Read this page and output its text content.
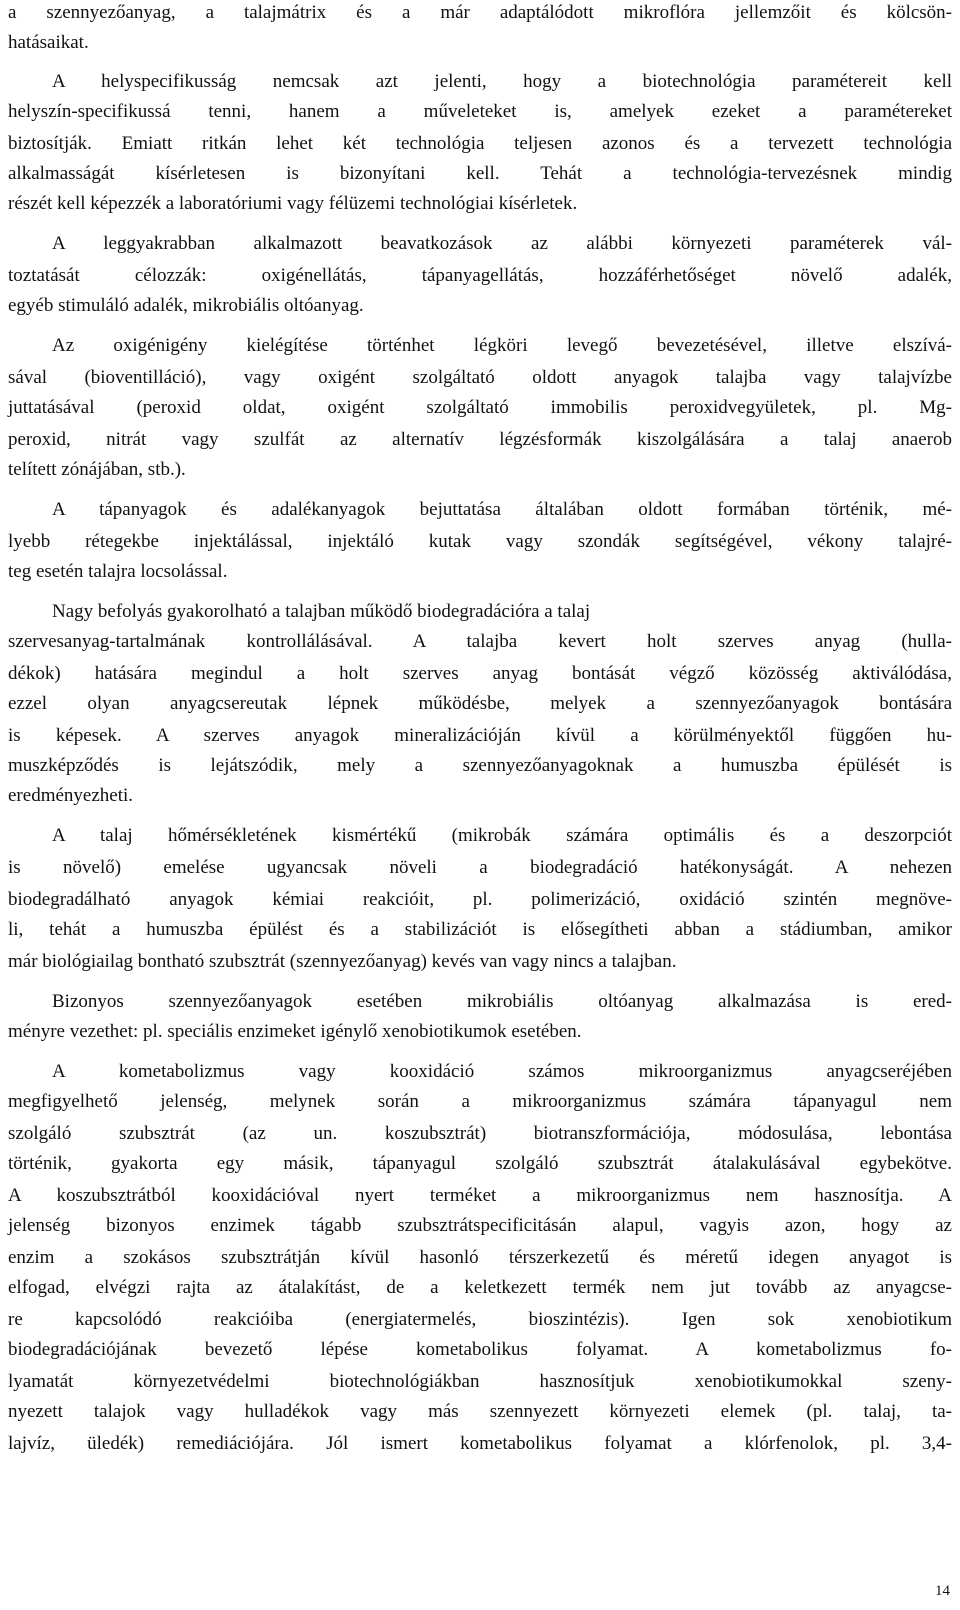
a szennyezőanyag, a talajmátrix és a már adaptálódott mikroflóra jellemzőit és kölcsön-
hatásaikat.
A helyspecifikusság nemcsak azt jelenti, hogy a biotechnológia paramétereit kell
helyszín-specifikussá tenni, hanem a műveleteket is, amelyek ezeket a paramétereket
biztosítják. Emiatt ritkán lehet két technológia teljesen azonos és a tervezett technológia
alkalmasságát kísérletesen is bizonyítani kell. Tehát a technológia-tervezésnek mindig
részét kell képezzék a laboratóriumi vagy félüzemi technológiai kísérletek.
A leggyakrabban alkalmazott beavatkozások az alábbi környezeti paraméterek vál-
toztatását célozzák: oxigénellátás, tápanyagellátás, hozzáférhetőséget növelő adalék,
egyéb stimuláló adalék, mikrobiális oltóanyag.
Az oxigénigény kielégítése történhet légköri levegő bevezetésével, illetve elszívá-
sával (bioventilláció), vagy oxigént szolgáltató oldott anyagok talajba vagy talajvízbe
juttatásával (peroxid oldat, oxigént szolgáltató immobilis peroxidvegyületek, pl. Mg-
peroxid, nitrát vagy szulfát az alternatív légzésformák kiszolgálására a talaj anaerob
telített zónájában, stb.).
A tápanyagok és adalékanyagok bejuttatása általában oldott formában történik, mé-
lyebb rétegekbe injektálással, injektáló kutak vagy szondák segítségével, vékony talajré-
teg esetén talajra locsolással.
Nagy befolyás gyakorolható a talajban működő biodegradációra a talaj
szervesanyag-tartalmának kontrollálásával. A talajba kevert holt szerves anyag (hulla-
dékok) hatására megindul a holt szerves anyag bontását végző közösség aktiválódása,
ezzel olyan anyagcsereutak lépnek működésbe, melyek a szennyezőanyagok bontására
is képesek. A szerves anyagok mineralizációján kívül a körülményektől függően hu-
muszképződés is lejátszódik, mely a szennyezőanyagoknak a humuszba épülését is
eredményezheti.
A talaj hőmérsékletének kismértékű (mikrobák számára optimális és a deszorpciót
is növelő) emelése ugyancsak növeli a biodegradáció hatékonyságát. A nehezen
biodegradálható anyagok kémiai reakcióit, pl. polimerizáció, oxidáció szintén megnöve-
li, tehát a humuszba épülést és a stabilizációt is elősegítheti abban a stádiumban, amikor
már biológiailag bontható szubsztrát (szennyezőanyag) kevés van vagy nincs a talajban.
Bizonyos szennyezőanyagok esetében mikrobiális oltóanyag alkalmazása is ered-
ményre vezethet: pl. speciális enzimeket igénylő xenobiotikumok esetében.
A kometabolizmus vagy kooxidáció számos mikroorganizmus anyagcseréjében
megfigyelhető jelenség, melynek során a mikroorganizmus számára tápanyagul nem
szolgáló szubsztrát (az un. koszubsztrát) biotranszformációja, módosulása, lebontása
történik, gyakorta egy másik, tápanyagul szolgáló szubsztrát átalakulásával egybekötve.
A koszubsztrátból kooxidációval nyert terméket a mikroorganizmus nem hasznosítja. A
jelenség bizonyos enzimek tágabb szubsztrátspecificitásán alapul, vagyis azon, hogy az
enzim a szokásos szubsztrátján kívül hasonló térszerkezetű és méretű idegen anyagot is
elfogad, elvégzi rajta az átalakítást, de a keletkezett termék nem jut tovább az anyagcse-
re kapcsolódó reakcióiba (energiatermelés, bioszintézis). Igen sok xenobiotikum
biodegradációjának bevezető lépése kometabolikus folyamat. A kometabolizmus fo-
lyamatát környezetvédelmi biotechnológiákban hasznosítjuk xenobiotikumokkal szeny-
nyezett talajok vagy hulladékok vagy más szennyezett környezeti elemek (pl. talaj, ta-
lajvíz, üledék) remediációjára. Jól ismert kometabolikus folyamat a klórfenolok, pl. 3,4-
14
